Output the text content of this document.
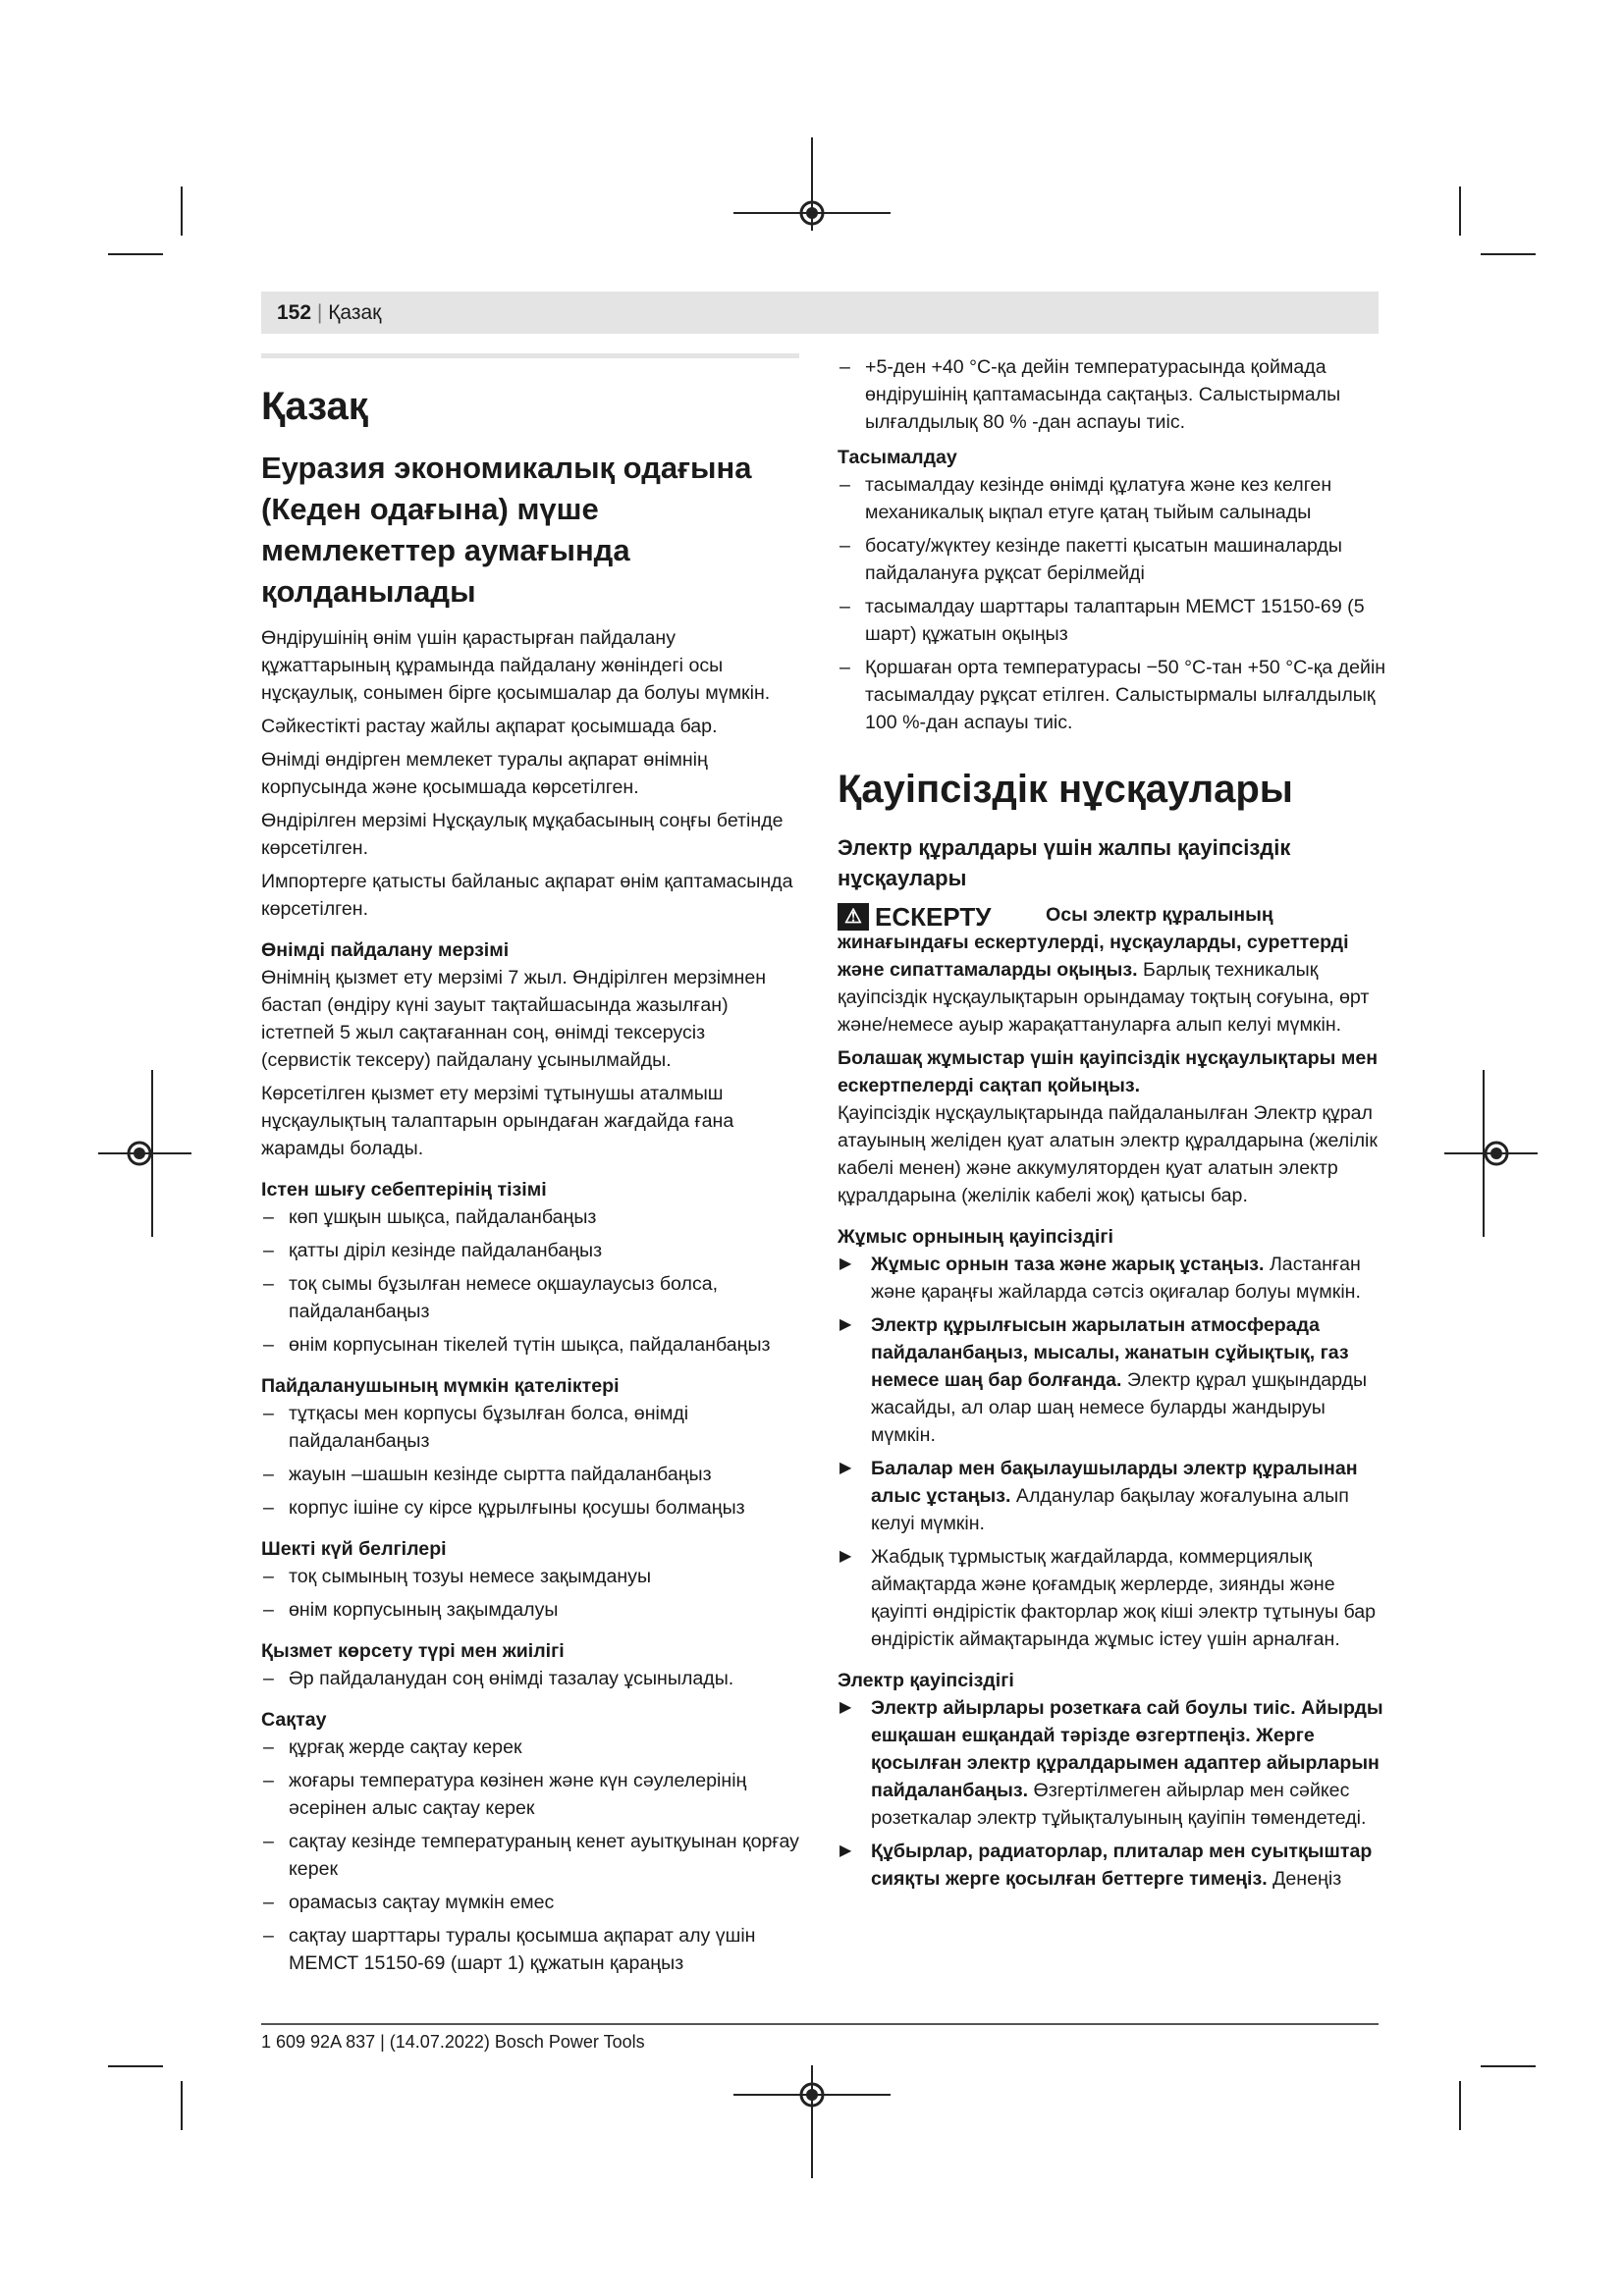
152 | Қазақ
Қазақ
Еуразия экономикалық одағына (Кеден одағына) мүше мемлекеттер аумағында қолданылады

Өндірушінің өнім үшін қарастырған пайдалану құжаттарының құрамында пайдалану жөніндегі осы нұсқаулық, сонымен бірге қосымшалар да болуы мүмкін.

Сәйкестікті растау жайлы ақпарат қосымшада бар.

Өнімді өндірген мемлекет туралы ақпарат өнімнің корпусында және қосымшада көрсетілген.

Өндірілген мерзімі Нұсқаулық мұқабасының соңғы бетінде көрсетілген.

Импортерге қатысты байланыс ақпарат өнім қаптамасында көрсетілген.

Өнімді пайдалану мерзімі

Өнімнің қызмет ету мерзімі 7 жыл. Өндірілген мерзімнен бастап (өндіру күні зауыт тақтайшасында жазылған) істетпей 5 жыл сақтағаннан соң, өнімді тексерусіз (сервистік тексеру) пайдалану ұсынылмайды.

Көрсетілген қызмет ету мерзімі тұтынушы аталмыш нұсқаулықтың талаптарын орындаған жағдайда ғана жарамды болады.

Істен шығу себептерінің тізімі
– көп ұшқын шықса, пайдаланбаңыз
– қатты діріл кезінде пайдаланбаңыз
– тоқ сымы бұзылған немесе оқшаулаусыз болса, пайдаланбаңыз
– өнім корпусынан тікелей түтін шықса, пайдаланбаңыз
Пайдаланушының мүмкін қателіктері
– тұтқасы мен корпусы бұзылған болса, өнімді пайдаланбаңыз
– жауын –шашын кезінде сыртта пайдаланбаңыз
– корпус ішіне су кірсе құрылғыны қосушы болмаңыз
Шекті күй белгілері
– тоқ сымының тозуы немесе зақымдануы
– өнім корпусының зақымдалуы
Қызмет көрсету түрі мен жиілігі
– Әр пайдаланудан соң өнімді тазалау ұсынылады.
Сақтау
– құрғақ жерде сақтау керек
– жоғары температура көзінен және күн сәулелерінің әсерінен алыс сақтау керек
– сақтау кезінде температураның кенет ауытқуынан қорғау керек
– орамасыз сақтау мүмкін емес
– сақтау шарттары туралы қосымша ақпарат алу үшін МЕМСТ 15150-69 (шарт 1) құжатын қараңыз
– +5-ден +40 °C-қа дейін температурасында қоймада өндірушінің қаптамасында сақтаңыз. Салыстырмалы ылғалдылық 80 % -дан аспауы тиіс.
Тасымалдау
– тасымалдау кезінде өнімді құлатуға және кез келген механикалық ықпал етуге қатаң тыйым салынады
– босату/жүктеу кезінде пакетті қысатын машиналарды пайдалануға рұқсат берілмейді
– тасымалдау шарттары талаптарын МЕМСТ 15150-69 (5 шарт) құжатын оқыңыз
– Қоршаған орта температурасы −50 °C-тан +50 °C-қа дейін тасымалдау рұқсат етілген. Салыстырмалы ылғалдылық 100 %-дан аспауы тиіс.
Қауіпсіздік нұсқаулары
Электр құралдары үшін жалпы қауіпсіздік нұсқаулары
⚠ ЕСКЕРТУ	Осы электр құралының жинағындағы ескертулерді, нұсқауларды, суреттерді және сипаттамаларды оқыңыз. Барлық техникалық қауіпсіздік нұсқаулықтарын орындамау тоқтың соғуына, өрт және/немесе ауыр жарақаттануларға алып келуі мүмкін.

Болашақ жұмыстар үшін қауіпсіздік нұсқаулықтары мен ескертпелерді сақтап қойыңыз.

Қауіпсіздік нұсқаулықтарында пайдаланылған Электр құрал атауының желіден қуат алатын электр құралдарына (желілік кабелі менен) және аккумуляторден қуат алатын электр құралдарына (желілік кабелі жоқ) қатысы бар.

Жұмыс орнының қауіпсіздігі
▶ Жұмыс орнын таза және жарық ұстаңыз. Ластанған және қараңғы жайларда сәтсіз оқиғалар болуы мүмкін.
▶ Электр құрылғысын жарылатын атмосферада пайдаланбаңыз, мысалы, жанатын сұйықтық, газ немесе шаң бар болғанда. Электр құрал ұшқындарды жасайды, ал олар шаң немесе буларды жандыруы мүмкін.
▶ Балалар мен бақылаушыларды электр құралынан алыс ұстаңыз. Алданулар бақылау жоғалуына алып келуі мүмкін.
▶ Жабдық тұрмыстық жағдайларда, коммерциялық аймақтарда және қоғамдық жерлерде, зиянды және қауіпті өндірістік факторлар жоқ кіші электр тұтынуы бар өндірістік аймақтарында жұмыс істеу үшін арналған.
Электр қауіпсіздігі
▶ Электр айырлары розеткаға сай боулы тиіс. Айырды ешқашан ешқандай тәрізде өзгертпеңіз. Жерге қосылған электр құралдарымен адаптер айырларын пайдаланбаңыз. Өзгертілмеген айырлар мен сәйкес розеткалар электр тұйықталуының қауіпін төмендетеді.
▶ Құбырлар, радиаторлар, плиталар мен суытқыштар сияқты жерге қосылған беттерге тимеңіз. Денеңіз
1 609 92A 837 | (14.07.2022) Bosch Power Tools
